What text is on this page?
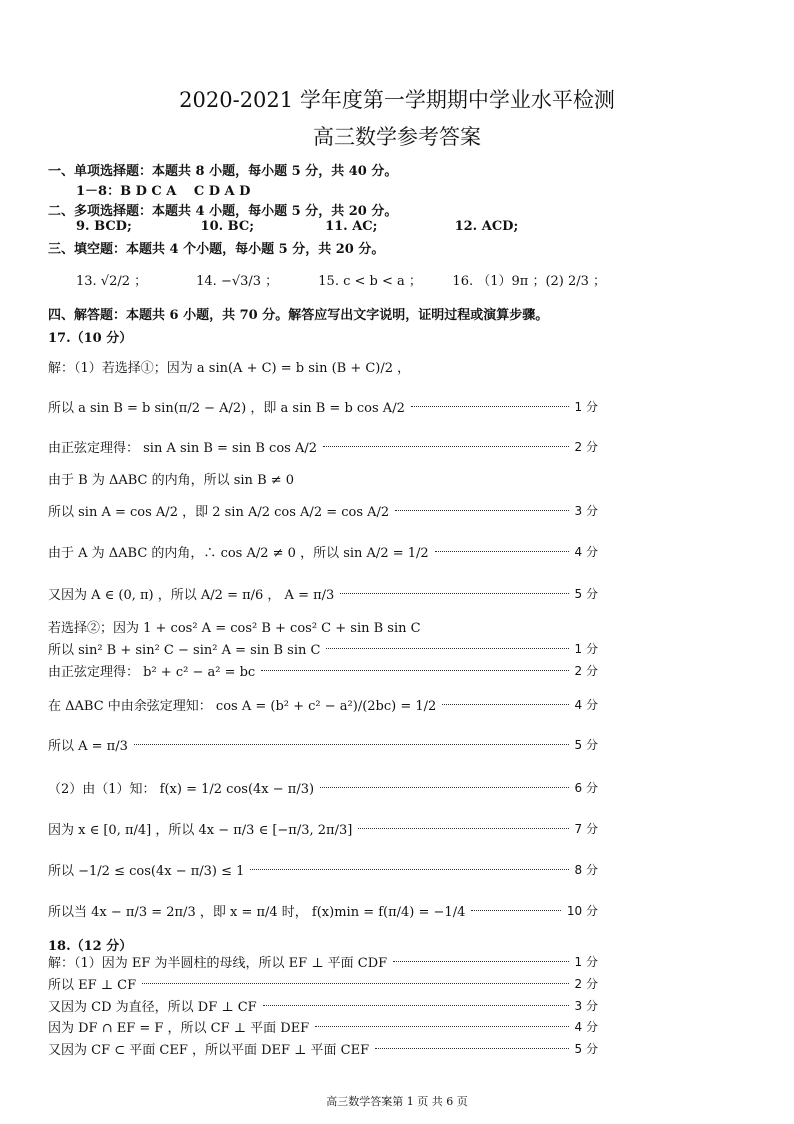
2020-2021 学年度第一学期期中学业水平检测
高三数学参考答案
一、单项选择题：本题共 8 小题，每小题 5 分，共 40 分。
1－8：B D C A　 C D A D
二、多项选择题：本题共 4 小题，每小题 5 分，共 20 分。
9. BCD;	10. BC;	11. AC;	12. ACD;
三、填空题：本题共 4 个小题，每小题 5 分，共 20 分。
13. √2/2 ；	14. −√3/3 ；	15. c < b < a ； 16. （1）9π ；(2) 2/3 ；
四、解答题：本题共 6 小题，共 70 分。解答应写出文字说明，证明过程或演算步骤。
17.（10 分）
解：（1）若选择①；因为 a sin(A + C) = b sin (B + C)/2 ，
所以 a sin B = b sin(π/2 − A/2) ，即 a sin B = b cos A/2	1 分
由正弦定理得： sin A sin B = sin B cos A/2	2 分
由于 B 为 ΔABC 的内角，所以 sin B ≠ 0
所以 sin A = cos A/2 ，即 2 sin A/2 cos A/2 = cos A/2	3 分
由于 A 为 ΔABC 的内角，∴ cos A/2 ≠ 0 ，所以 sin A/2 = 1/2	4 分
又因为 A ∈ (0, π) ，所以 A/2 = π/6 ， A = π/3	5 分
若选择②；因为 1 + cos² A = cos² B + cos² C + sin B sin C
所以 sin² B + sin² C − sin² A = sin B sin C	1 分
由正弦定理得： b² + c² − a² = bc	2 分
在 ΔABC 中由余弦定理知： cos A = (b² + c² − a²)/(2bc) = 1/2	4 分
所以 A = π/3	5 分
（2）由（1）知： f(x) = 1/2 cos(4x − π/3)	6 分
因为 x ∈ [0, π/4] ，所以 4x − π/3 ∈ [−π/3, 2π/3]	7 分
所以 −1/2 ≤ cos(4x − π/3) ≤ 1	8 分
所以当 4x − π/3 = 2π/3 ，即 x = π/4 时， f(x)min = f(π/4) = −1/4	10 分
18.（12 分）
解：（1）因为 EF 为半圆柱的母线，所以 EF ⊥ 平面 CDF	1 分
所以 EF ⊥ CF	2 分
又因为 CD 为直径，所以 DF ⊥ CF	3 分
因为 DF ∩ EF = F ，所以 CF ⊥ 平面 DEF	4 分
又因为 CF ⊂ 平面 CEF ，所以平面 DEF ⊥ 平面 CEF	5 分
高三数学答案第 1 页 共 6 页
